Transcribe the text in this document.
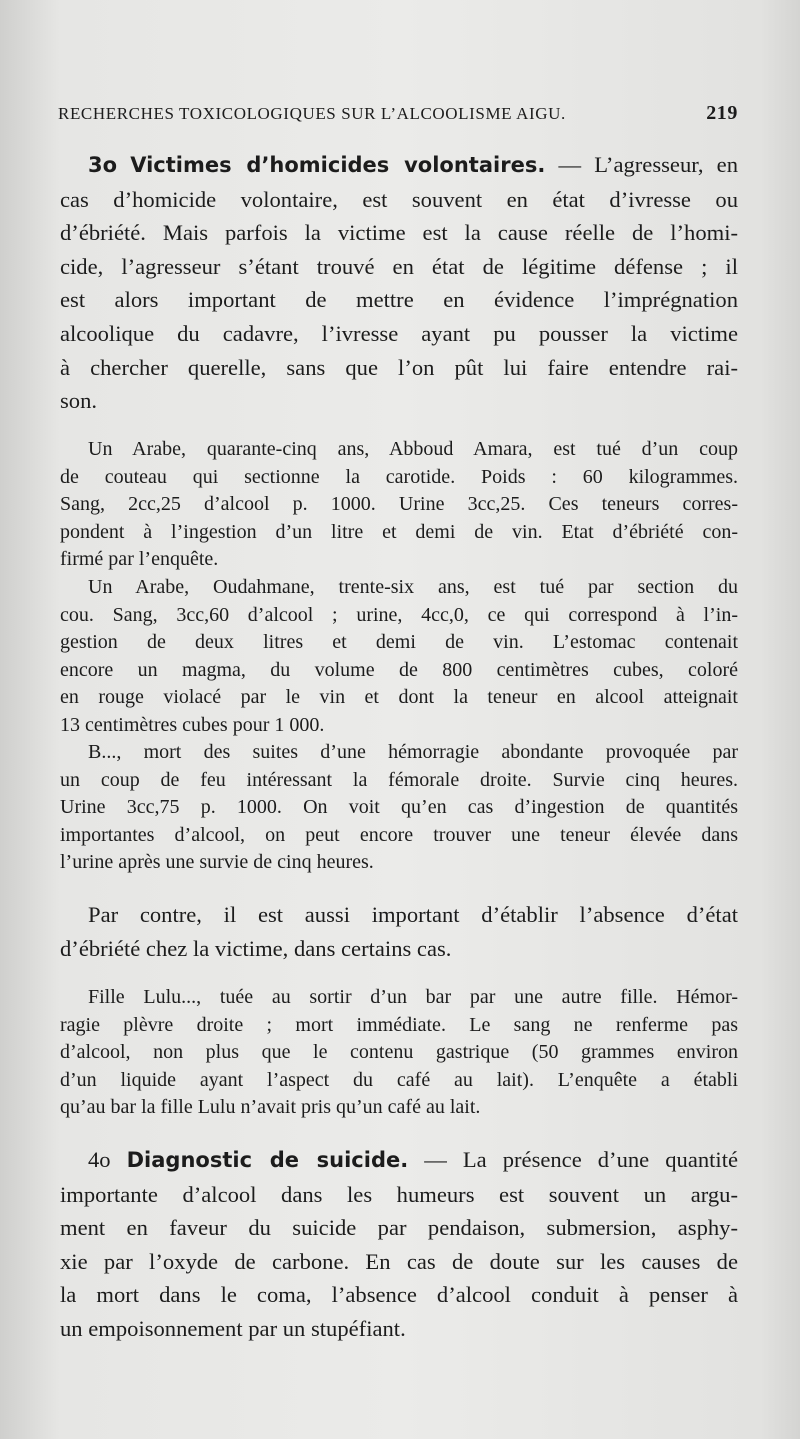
RECHERCHES TOXICOLOGIQUES SUR L’ALCOOLISME AIGU.	219
3o Victimes d’homicides volontaires. — L’agresseur, en
cas d’homicide volontaire, est souvent en état d’ivresse ou
d’ébriété. Mais parfois la victime est la cause réelle de l’homi-
cide, l’agresseur s’étant trouvé en état de légitime défense ; il
est alors important de mettre en évidence l’imprégnation
alcoolique du cadavre, l’ivresse ayant pu pousser la victime
à chercher querelle, sans que l’on pût lui faire entendre rai-
son.
Un Arabe, quarante-cinq ans, Abboud Amara, est tué d’un coup
de couteau qui sectionne la carotide. Poids : 60 kilogrammes.
Sang, 2cc,25 d’alcool p. 1000. Urine 3cc,25. Ces teneurs corres-
pondent à l’ingestion d’un litre et demi de vin. Etat d’ébriété con-
firmé par l’enquête.
Un Arabe, Oudahmane, trente-six ans, est tué par section du
cou. Sang, 3cc,60 d’alcool ; urine, 4cc,0, ce qui correspond à l’in-
gestion de deux litres et demi de vin. L’estomac contenait
encore un magma, du volume de 800 centimètres cubes, coloré
en rouge violacé par le vin et dont la teneur en alcool atteignait
13 centimètres cubes pour 1 000.
B..., mort des suites d’une hémorragie abondante provoquée par
un coup de feu intéressant la fémorale droite. Survie cinq heures.
Urine 3cc,75 p. 1000. On voit qu’en cas d’ingestion de quantités
importantes d’alcool, on peut encore trouver une teneur élevée dans
l’urine après une survie de cinq heures.
Par contre, il est aussi important d’établir l’absence d’état
d’ébriété chez la victime, dans certains cas.
Fille Lulu..., tuée au sortir d’un bar par une autre fille. Hémor-
ragie plèvre droite ; mort immédiate. Le sang ne renferme pas
d’alcool, non plus que le contenu gastrique (50 grammes environ
d’un liquide ayant l’aspect du café au lait). L’enquête a établi
qu’au bar la fille Lulu n’avait pris qu’un café au lait.
4o Diagnostic de suicide. — La présence d’une quantité
importante d’alcool dans les humeurs est souvent un argu-
ment en faveur du suicide par pendaison, submersion, asphy-
xie par l’oxyde de carbone. En cas de doute sur les causes de
la mort dans le coma, l’absence d’alcool conduit à penser à
un empoisonnement par un stupéfiant.
